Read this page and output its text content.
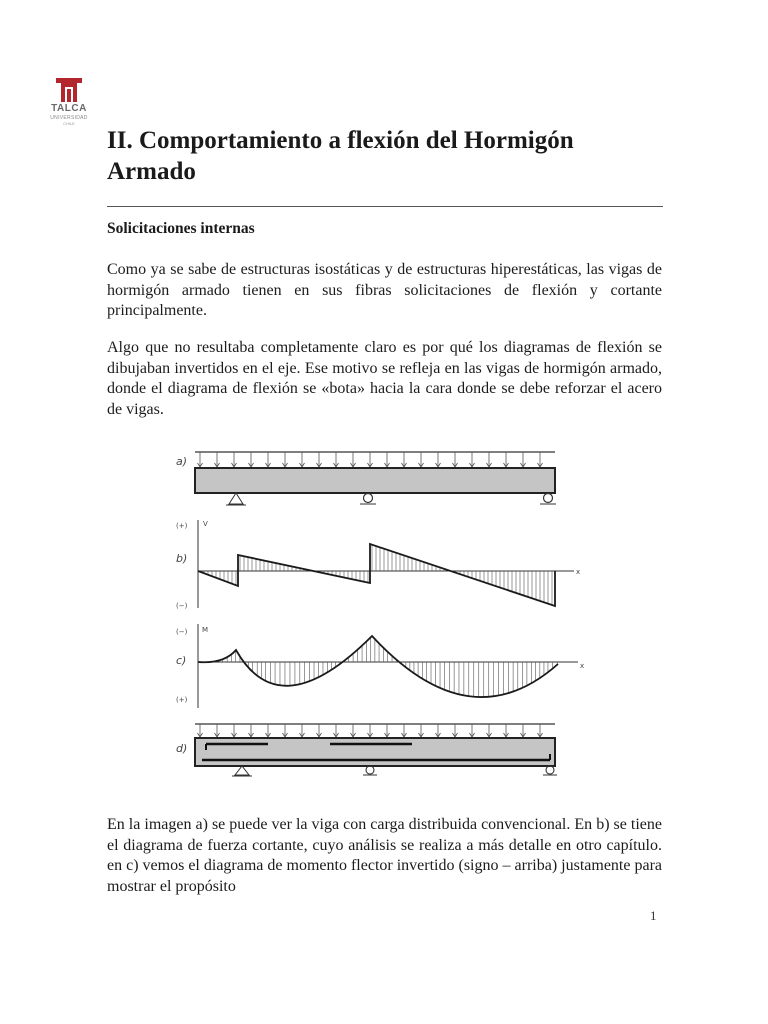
TALCA
UNIVERSIDAD
CHILE
II. Comportamiento a flexión del Hormigón Armado
Solicitaciones internas

Como ya se sabe de estructuras isostáticas y de estructuras hiperestáticas, las vigas de hormigón armado tienen en sus fibras solicitaciones de flexión y cortante principalmente.

Algo que no resultaba completamente claro es por qué los diagramas de flexión se dibujaban invertidos en el eje. Ese motivo se refleja en las vigas de hormigón armado, donde el diagrama de flexión se «bota» hacia la cara donde se debe reforzar el acero de vigas.

a)
b)
(+)
(−)
V
x
c)
(−)
(+)
M
x
d)

En la imagen a) se puede ver la viga con carga distribuida convencional. En b) se tiene el diagrama de fuerza cortante, cuyo análisis se realiza a más detalle en otro capítulo. en c) vemos el diagrama de momento flector invertido (signo – arriba) justamente para mostrar el propósito

1
